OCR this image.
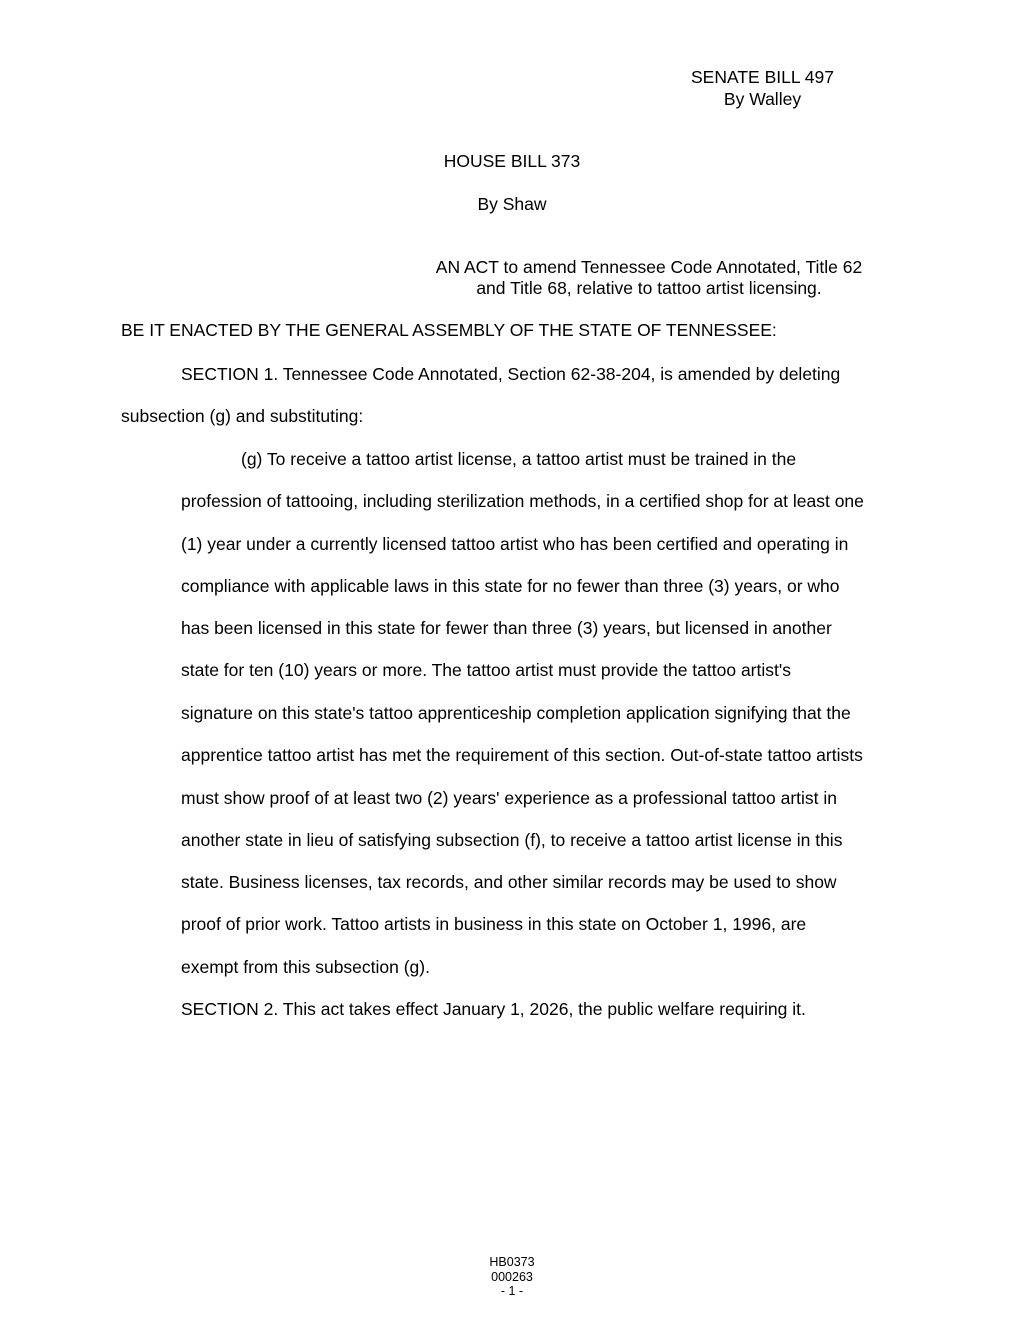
SENATE BILL 497
By Walley
HOUSE BILL 373
By Shaw
AN ACT to amend Tennessee Code Annotated, Title 62
and Title 68, relative to tattoo artist licensing.
BE IT ENACTED BY THE GENERAL ASSEMBLY OF THE STATE OF TENNESSEE:
SECTION 1. Tennessee Code Annotated, Section 62-38-204, is amended by deleting
subsection (g) and substituting:
(g) To receive a tattoo artist license, a tattoo artist must be trained in the
profession of tattooing, including sterilization methods, in a certified shop for at least one
(1) year under a currently licensed tattoo artist who has been certified and operating in
compliance with applicable laws in this state for no fewer than three (3) years, or who
has been licensed in this state for fewer than three (3) years, but licensed in another
state for ten (10) years or more. The tattoo artist must provide the tattoo artist's
signature on this state's tattoo apprenticeship completion application signifying that the
apprentice tattoo artist has met the requirement of this section. Out-of-state tattoo artists
must show proof of at least two (2) years' experience as a professional tattoo artist in
another state in lieu of satisfying subsection (f), to receive a tattoo artist license in this
state. Business licenses, tax records, and other similar records may be used to show
proof of prior work. Tattoo artists in business in this state on October 1, 1996, are
exempt from this subsection (g).
SECTION 2. This act takes effect January 1, 2026, the public welfare requiring it.
HB0373
000263
- 1 -
